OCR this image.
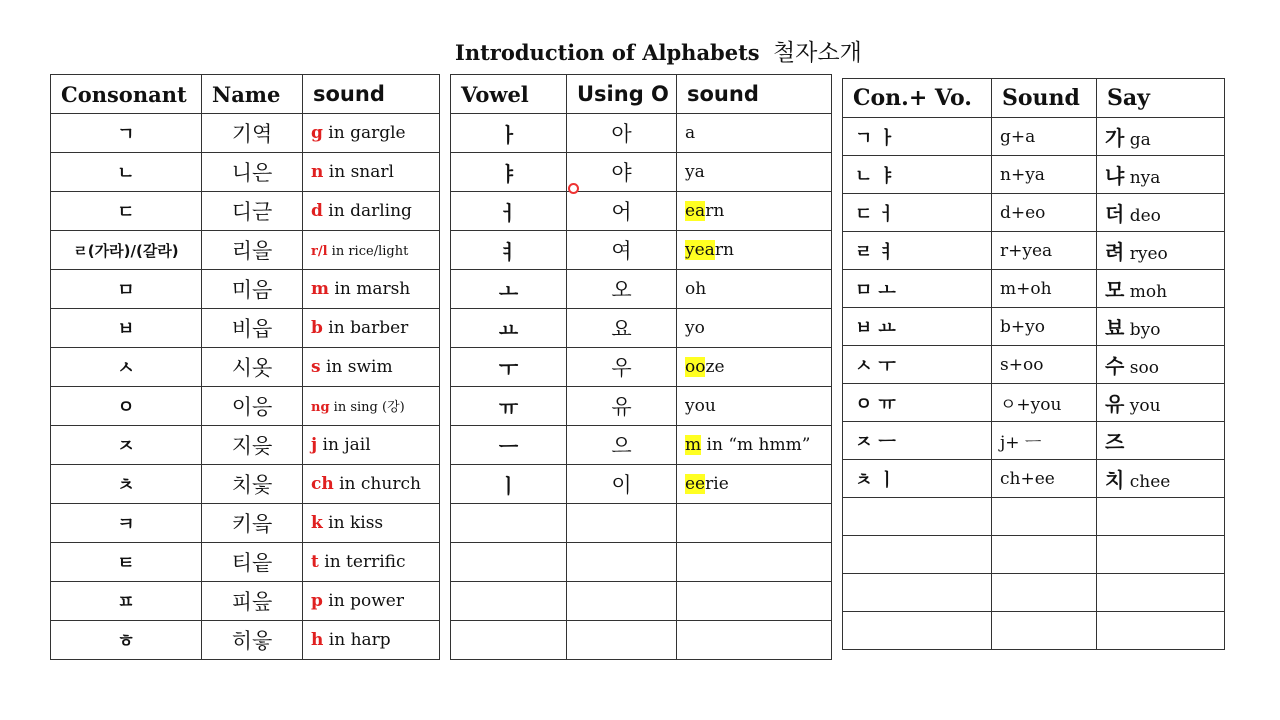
Introduction of Alphabets 철자소개
Consonant	Name	sound
ㄱ	기역	g in gargle
ㄴ	니은	n in snarl
ㄷ	디귿	d in darling
ㄹ(가라)/(갈라)	리을	r/l in rice/light
ㅁ	미음	m in marsh
ㅂ	비읍	b in barber
ㅅ	시옷	s in swim
ㅇ	이응	ng in sing (강)
ㅈ	지읒	j in jail
ㅊ	치읓	ch in church
ㅋ	키읔	k in kiss
ㅌ	티읕	t in terrific
ㅍ	피읖	p in power
ㅎ	히읗	h in harp
Vowel	Using O	sound
ㅏ	아	a
ㅑ	야	ya
ㅓ	어	earn
ㅕ	여	yearn
ㅗ	오	oh
ㅛ	요	yo
ㅜ	우	ooze
ㅠ	유	you
ㅡ	으	m in “m hmm”
ㅣ	이	eerie

Con.+ Vo.	Sound	Say
ㄱㅏ	g+a	가 ga
ㄴㅑ	n+ya	냐 nya
ㄷㅓ	d+eo	더 deo
ㄹㅕ	r+yea	려 ryeo
ㅁㅗ	m+oh	모 moh
ㅂㅛ	b+yo	뵤 byo
ㅅㅜ	s+oo	수 soo
ㅇㅠ	ㅇ+you	유 you
ㅈㅡ	j+ ㅡ	즈
ㅊㅣ	ch+ee	치 chee
